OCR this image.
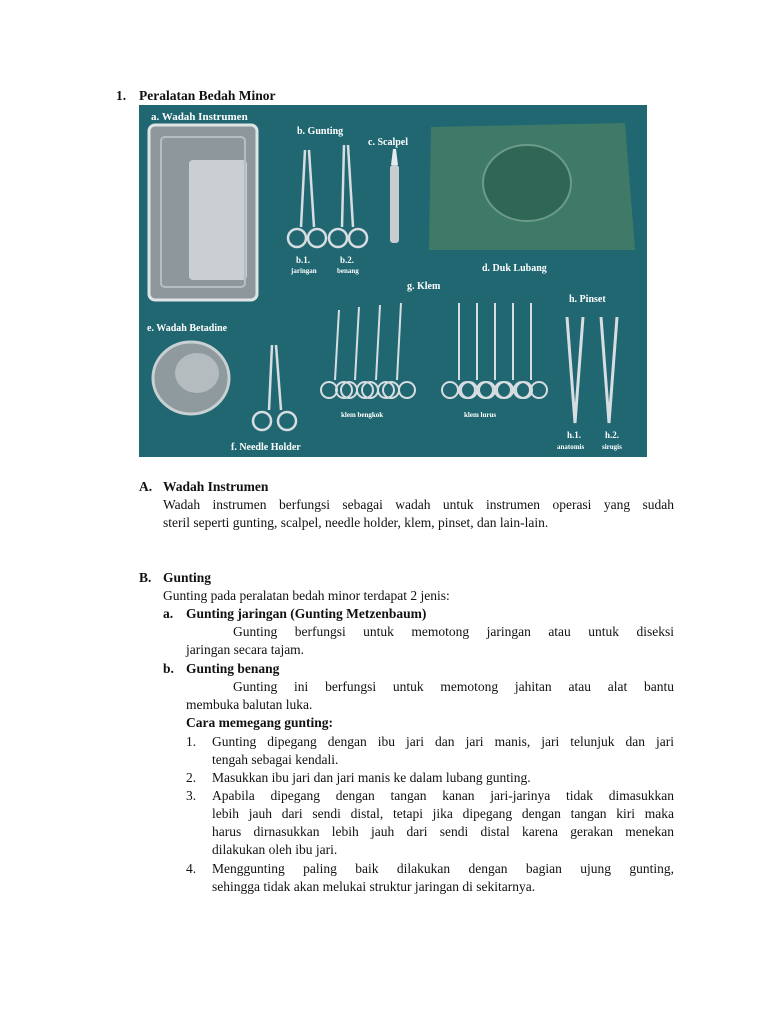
1. Peralatan Bedah Minor
a. Wadah Instrumen
b. Gunting
c. Scalpel
b.1.
jaringan
b.2.
benang	d. Duk Lubang
g. Klem
h. Pinset
e. Wadah Betadine
klem bengkok	klem lurus
f. Needle Holder
h.1.
anatomis
h.2.
sirugis
A. Wadah Instrumen
Wadah instrumen berfungsi sebagai wadah untuk instrumen operasi yang sudah
steril seperti gunting, scalpel, needle holder, klem, pinset, dan lain-lain.
B. Gunting
Gunting pada peralatan bedah minor terdapat 2 jenis:
a. Gunting jaringan (Gunting Metzenbaum)
Gunting berfungsi untuk memotong jaringan atau untuk diseksi
jaringan secara tajam.
b. Gunting benang
Gunting ini berfungsi untuk memotong jahitan atau alat bantu
membuka balutan luka.
Cara memegang gunting:
1. Gunting dipegang dengan ibu jari dan jari manis, jari telunjuk dan jari
tengah sebagai kendali.
2. Masukkan ibu jari dan jari manis ke dalam lubang gunting.
3. Apabila dipegang dengan tangan kanan jari-jarinya tidak dimasukkan
lebih jauh dari sendi distal, tetapi jika dipegang dengan tangan kiri maka
harus dirnasukkan lebih jauh dari sendi distal karena gerakan menekan
dilakukan oleh ibu jari.
4. Menggunting paling baik dilakukan dengan bagian ujung gunting,
sehingga tidak akan melukai struktur jaringan di sekitarnya.
